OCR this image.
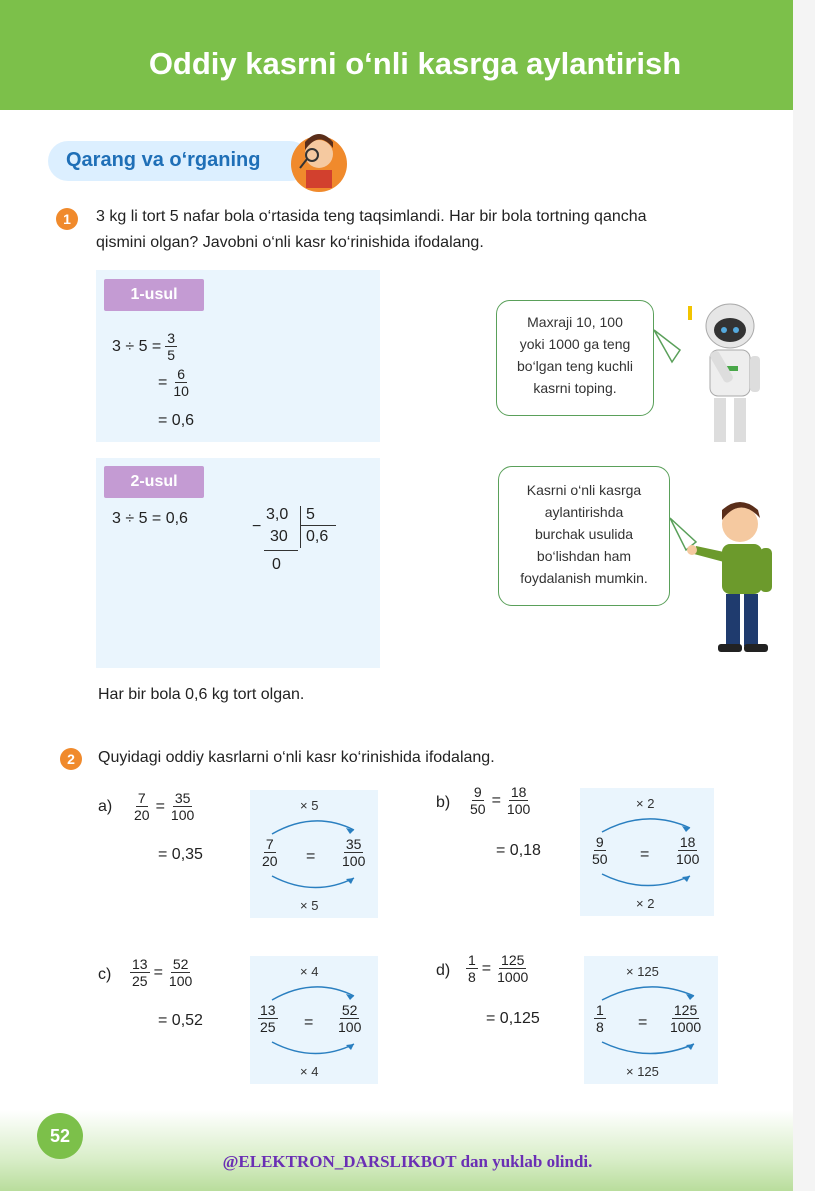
Oddiy kasrni o‘nli kasrga aylantirish
Qarang va o‘rganing
1	3 kg li tort 5 nafar bola o‘rtasida teng taqsimlandi. Har bir bola tortning qancha
qismini olgan? Javobni o‘nli kasr ko‘rinishida ifodalang.
1-usul
$3 \div 5 = \frac{3}{5}$
= $\frac{6}{10}$
= 0,6
2-usul
3 ÷ 5 = 0,6	−
3,0
30
0
5
0,6
Maxraji 10, 100
yoki 1000 ga teng
bo‘lgan teng kuchli
kasrni toping.
Kasrni o‘nli kasrga
aylantirishda
burchak usulida
bo‘lishdan ham
foydalanish mumkin.
Har bir bola 0,6 kg tort olgan.
2	Quyidagi oddiy kasrlarni o‘nli kasr ko‘rinishida ifodalang.
$a) \frac{7}{20} = \frac{35}{100}$
= 0,35
× 5
$\frac{7}{20} = \frac{35}{100}$
× 5
$b) \frac{9}{50} = \frac{18}{100}$
= 0,18
× 2
$\frac{9}{50} = \frac{18}{100}$
× 2
$c) \frac{13}{25} = \frac{52}{100}$
= 0,52
× 4
$\frac{13}{25} = \frac{52}{100}$
× 4
$d) \frac{1}{8} = \frac{125}{1000}$
= 0,125
× 125
$\frac{1}{8} = \frac{125}{1000}$
× 125
52
@ELEKTRON_DARSLIKBOT dan yuklab olindi.
